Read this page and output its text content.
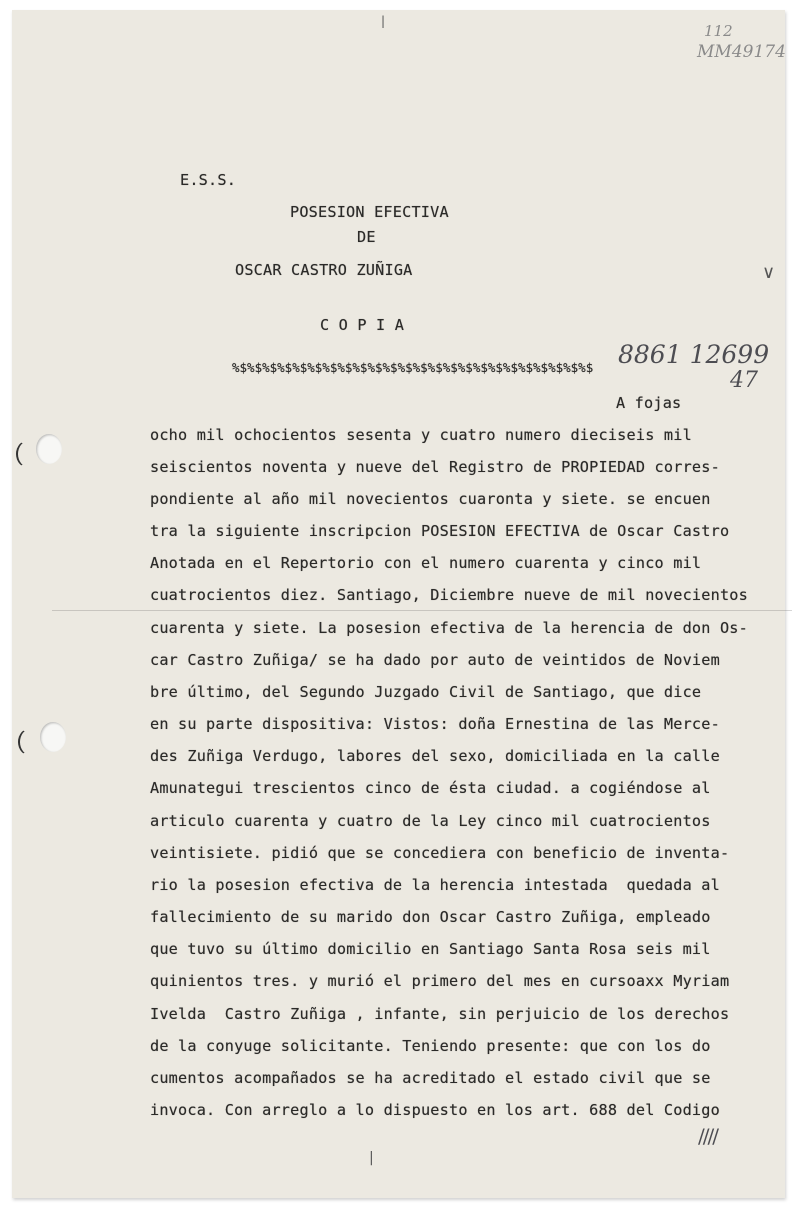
112
MM49174
E.S.S.
POSESION EFECTIVA
DE
OSCAR CASTRO ZUÑIGA
C O P I A
%$%$%$%$%$%$%$%$%$%$%$%$%$%$%$%$%$%$%$%$%$%$%$%$ 8861 12699
47
A fojas
ocho mil ochocientos sesenta y cuatro numero dieciseis mil
seiscientos noventa y nueve del Registro de PROPIEDAD corres-
pondiente al año mil novecientos cuaronta y siete. se encuen
tra la siguiente inscripcion POSESION EFECTIVA de Oscar Castro
Anotada en el Repertorio con el numero cuarenta y cinco mil
cuatrocientos diez. Santiago, Diciembre nueve de mil novecientos
cuarenta y siete. La posesion efectiva de la herencia de don Os-
car Castro Zuñiga/ se ha dado por auto de veintidos de Noviem
bre último, del Segundo Juzgado Civil de Santiago, que dice
en su parte dispositiva: Vistos: doña Ernestina de las Merce-
des Zuñiga Verdugo, labores del sexo, domiciliada en la calle
Amunategui trescientos cinco de ésta ciudad. a cogiéndose al
articulo cuarenta y cuatro de la Ley cinco mil cuatrocientos
veintisiete. pidió que se concediera con beneficio de inventa-
rio la posesion efectiva de la herencia intestada  quedada al
fallecimiento de su marido don Oscar Castro Zuñiga, empleado
que tuvo su último domicilio en Santiago Santa Rosa seis mil
quinientos tres. y murió el primero del mes en cursoaxx Myriam
Ivelda  Castro Zuñiga , infante, sin perjuicio de los derechos
de la conyuge solicitante. Teniendo presente: que con los do
cumentos acompañados se ha acreditado el estado civil que se
invoca. Con arreglo a lo dispuesto en los art. 688 del Codigo
////
∨
|
|
